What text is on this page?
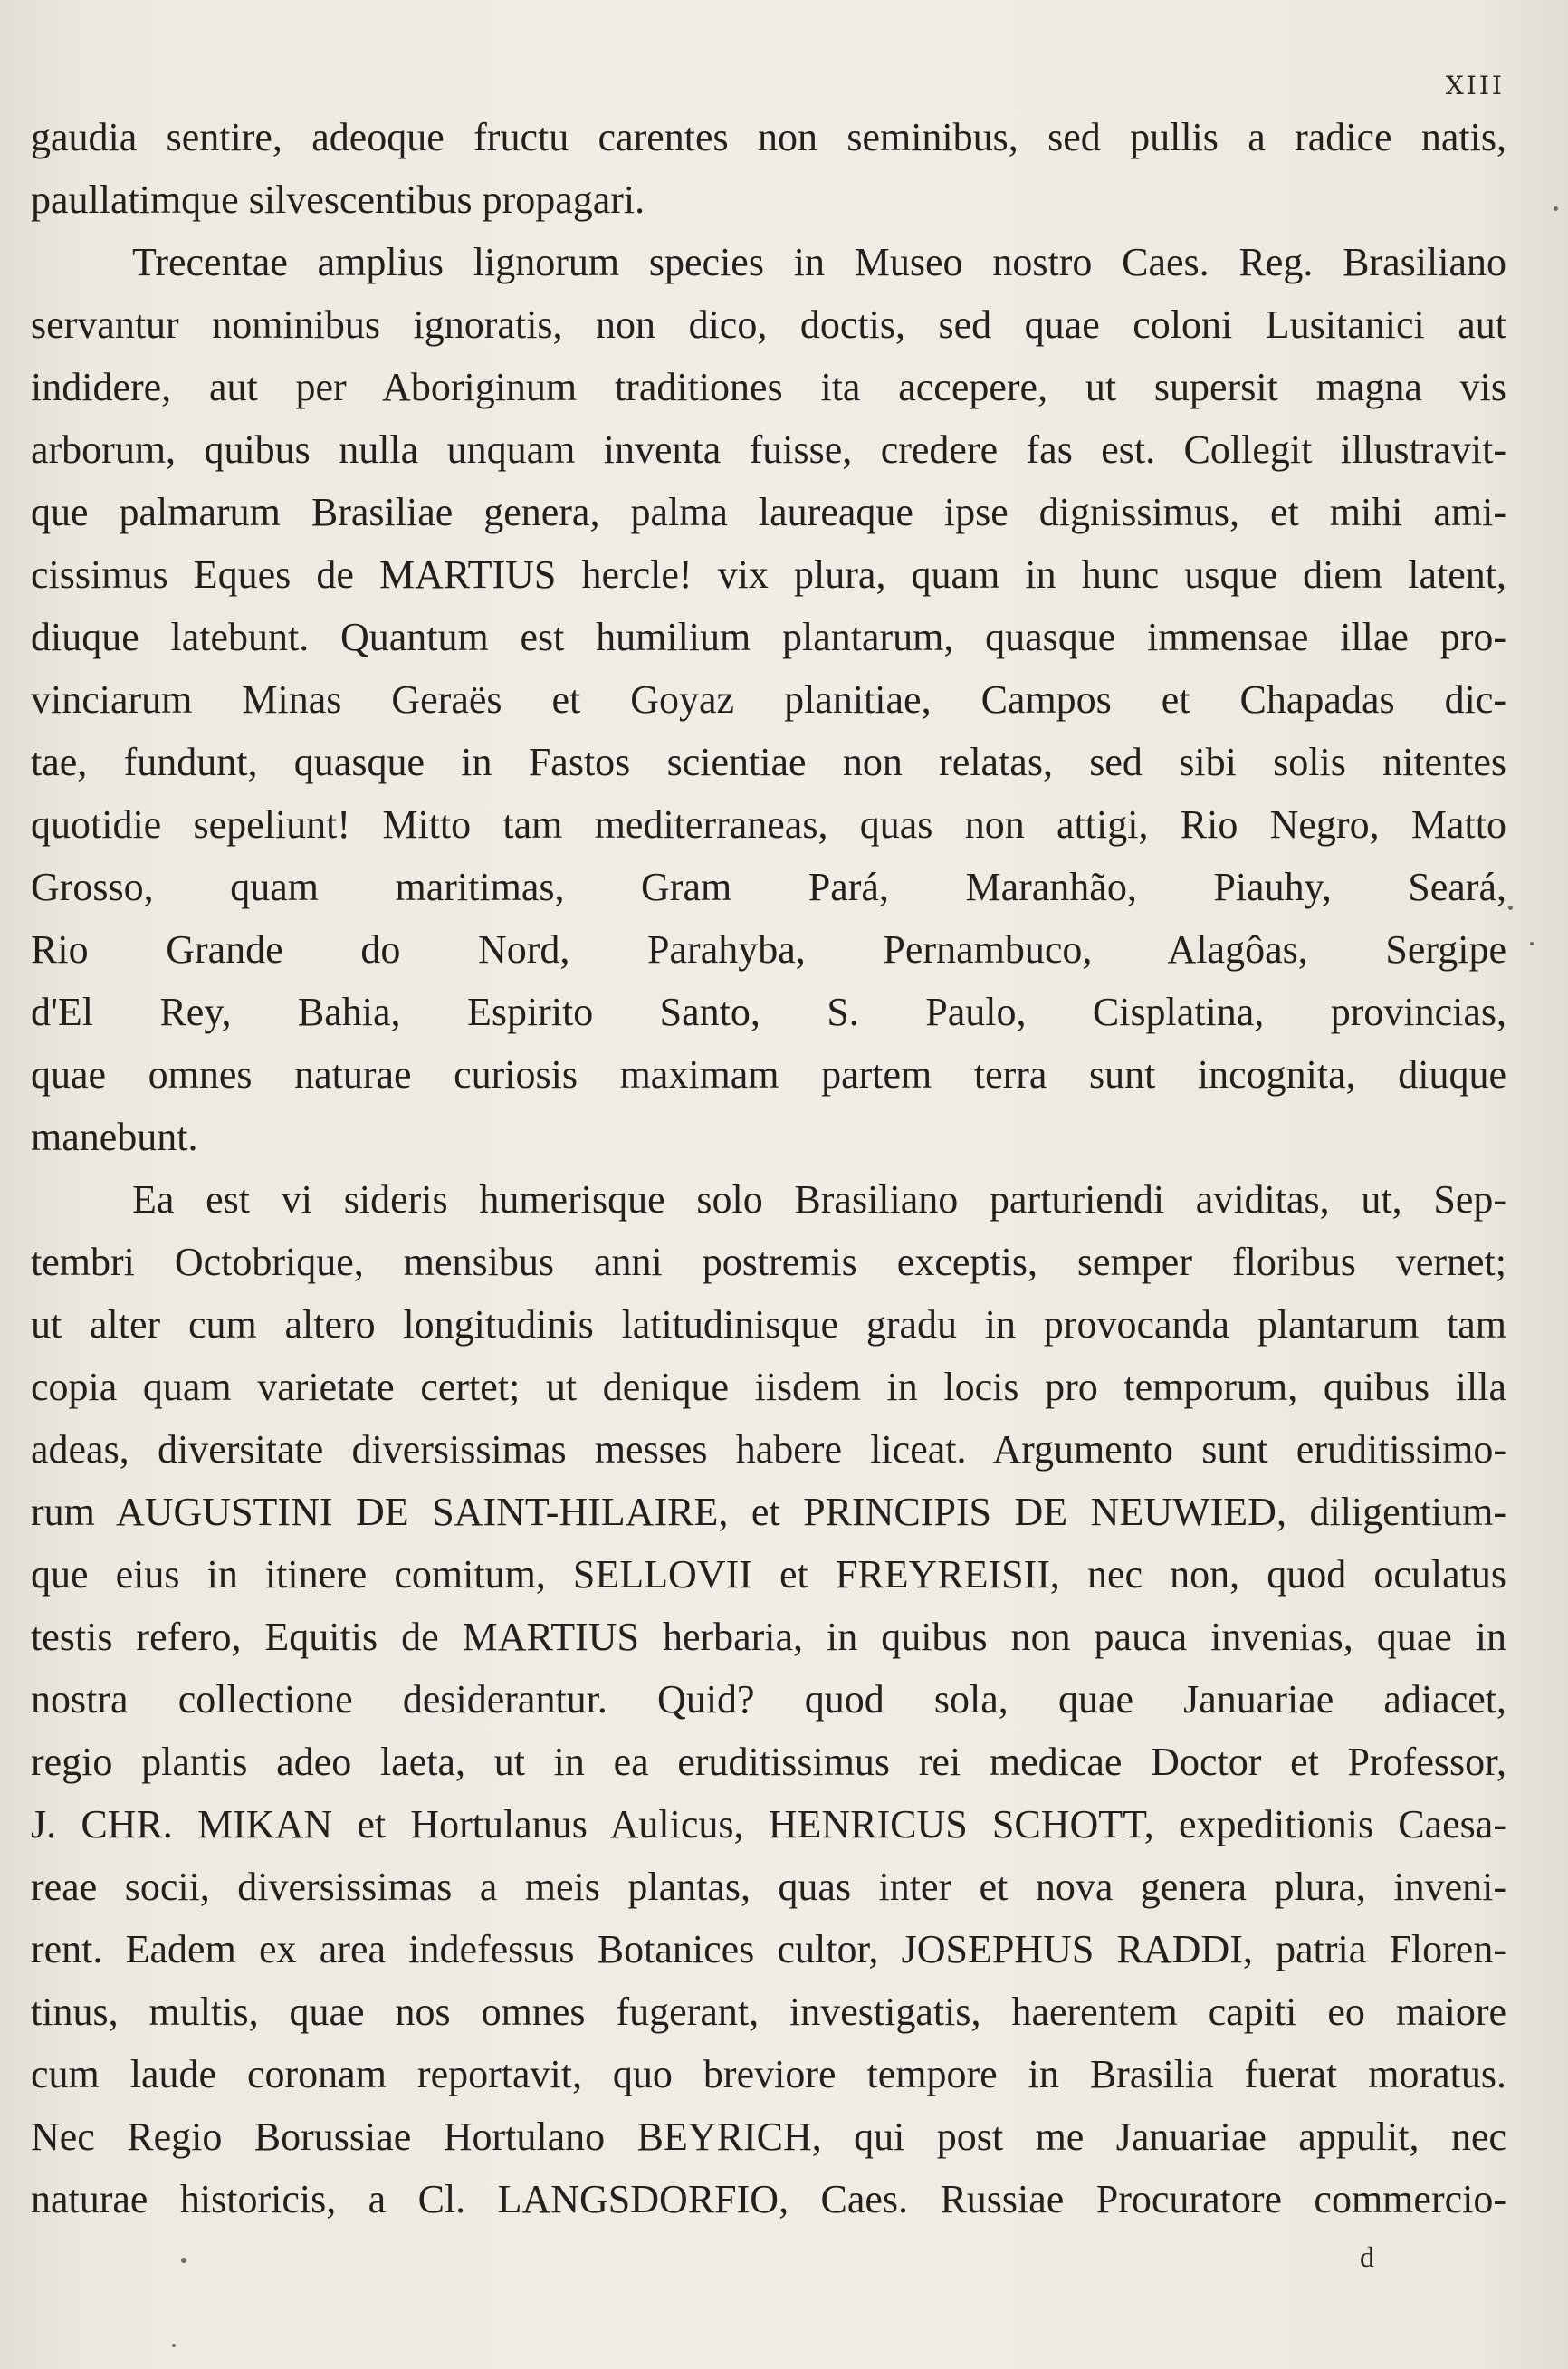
XIII
gaudia sentire, adeoque fructu carentes non seminibus, sed pullis a radice natis,
paullatimque silvescentibus propagari.
Trecentae amplius lignorum species in Museo nostro Caes. Reg. Brasiliano
servantur nominibus ignoratis, non dico, doctis, sed quae coloni Lusitanici aut
indidere, aut per Aboriginum traditiones ita accepere, ut supersit magna vis
arborum, quibus nulla unquam inventa fuisse, credere fas est. Collegit illustravit-
que palmarum Brasiliae genera, palma laureaque ipse dignissimus, et mihi ami-
cissimus Eques de MARTIUS hercle! vix plura, quam in hunc usque diem latent,
diuque latebunt. Quantum est humilium plantarum, quasque immensae illae pro-
vinciarum Minas Geraës et Goyaz planitiae, Campos et Chapadas dic-
tae, fundunt, quasque in Fastos scientiae non relatas, sed sibi solis nitentes
quotidie sepeliunt! Mitto tam mediterraneas, quas non attigi, Rio Negro, Matto
Grosso, quam maritimas, Gram Pará, Maranhão, Piauhy, Seará,
Rio Grande do Nord, Parahyba, Pernambuco, Alagôas, Sergipe
d'El Rey, Bahia, Espirito Santo, S. Paulo, Cisplatina, provincias,
quae omnes naturae curiosis maximam partem terra sunt incognita, diuque
manebunt.
Ea est vi sideris humerisque solo Brasiliano parturiendi aviditas, ut, Sep-
tembri Octobrique, mensibus anni postremis exceptis, semper floribus vernet;
ut alter cum altero longitudinis latitudinisque gradu in provocanda plantarum tam
copia quam varietate certet; ut denique iisdem in locis pro temporum, quibus illa
adeas, diversitate diversissimas messes habere liceat. Argumento sunt eruditissimo-
rum AUGUSTINI DE SAINT-HILAIRE, et PRINCIPIS DE NEUWIED, diligentium-
que eius in itinere comitum, SELLOVII et FREYREISII, nec non, quod oculatus
testis refero, Equitis de MARTIUS herbaria, in quibus non pauca invenias, quae in
nostra collectione desiderantur. Quid? quod sola, quae Januariae adiacet,
regio plantis adeo laeta, ut in ea eruditissimus rei medicae Doctor et Professor,
J. CHR. MIKAN et Hortulanus Aulicus, HENRICUS SCHOTT, expeditionis Caesa-
reae socii, diversissimas a meis plantas, quas inter et nova genera plura, inveni-
rent. Eadem ex area indefessus Botanices cultor, JOSEPHUS RADDI, patria Floren-
tinus, multis, quae nos omnes fugerant, investigatis, haerentem capiti eo maiore
cum laude coronam reportavit, quo breviore tempore in Brasilia fuerat moratus.
Nec Regio Borussiae Hortulano BEYRICH, qui post me Januariae appulit, nec
naturae historicis, a Cl. LANGSDORFIO, Caes. Russiae Procuratore commercio-
d
